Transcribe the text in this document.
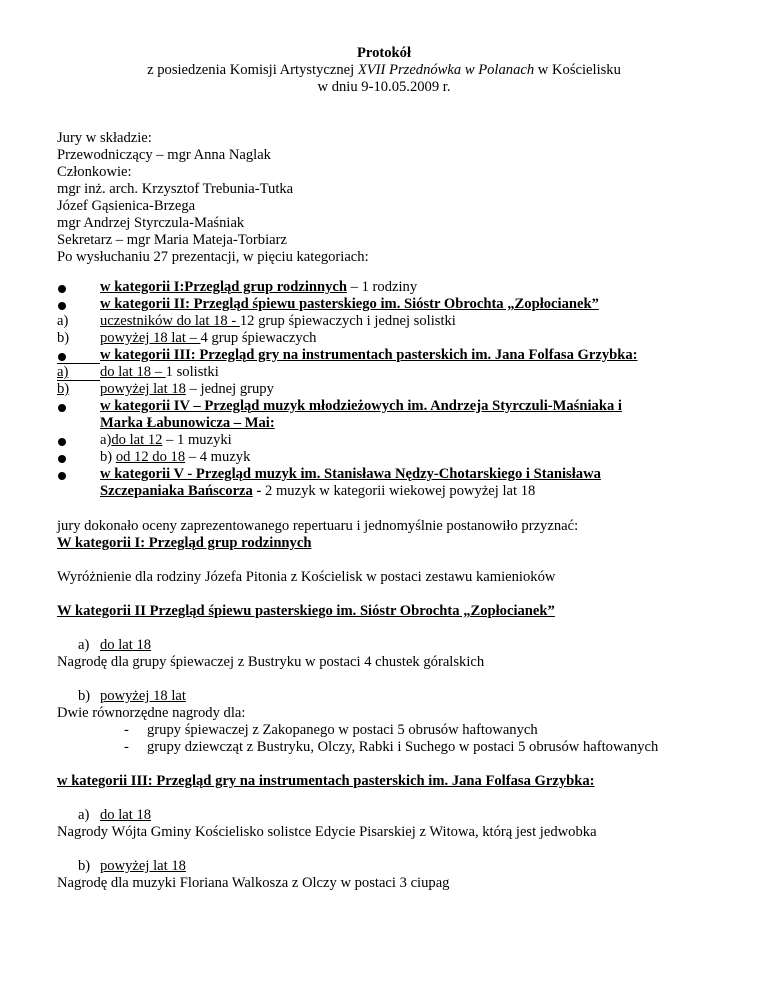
Protokół
z posiedzenia Komisji Artystycznej XVII Przednówka w Polanach w Kościelisku
w dniu 9-10.05.2009 r.
Jury w składzie:
Przewodniczący – mgr Anna Naglak
Członkowie:
mgr inż. arch. Krzysztof Trebunia-Tutka
Józef Gąsienica-Brzega
mgr Andrzej Styrczula-Maśniak
Sekretarz – mgr Maria Mateja-Torbiarz
Po wysłuchaniu 27 prezentacji, w pięciu kategoriach:
w kategorii I:Przegląd grup rodzinnych – 1 rodziny
w kategorii II: Przegląd śpiewu pasterskiego im. Sióstr Obrochta „Zopłocianek”
a) uczestników do lat 18 - 12 grup śpiewaczych i jednej solistki
b) powyżej 18 lat – 4 grup śpiewaczych
w kategorii III: Przegląd gry na instrumentach pasterskich im. Jana Folfasa Grzybka:
a) do lat 18 – 1 solistki
b) powyżej lat 18 – jednej grupy
w kategorii IV – Przegląd muzyk młodzieżowych im. Andrzeja Styrczuli-Maśniaka i
Marka Łabunowicza – Mai:
a)do lat 12 – 1 muzyki
b) od 12 do 18 – 4 muzyk
w kategorii V - Przegląd muzyk im. Stanisława Nędzy-Chotarskiego i Stanisława
Szczepaniaka Bańscorza - 2 muzyk w kategorii wiekowej powyżej lat 18
jury dokonało oceny zaprezentowanego repertuaru i jednomyślnie postanowiło przyznać:
W kategorii I: Przegląd grup rodzinnych
Wyróżnienie dla rodziny Józefa Pitonia z Kościelisk w postaci zestawu kamienioków
W kategorii II Przegląd śpiewu pasterskiego im. Sióstr Obrochta „Zopłocianek”
a) do lat 18
Nagrodę dla grupy śpiewaczej z Bustryku w postaci 4 chustek góralskich
b) powyżej 18 lat
Dwie równorzędne nagrody dla:
- grupy śpiewaczej z Zakopanego w postaci 5 obrusów haftowanych
- grupy dziewcząt z Bustryku, Olczy, Rabki i Suchego w postaci 5 obrusów haftowanych
w kategorii III: Przegląd gry na instrumentach pasterskich im. Jana Folfasa Grzybka:
a) do lat 18
Nagrody Wójta Gminy Kościelisko solistce Edycie Pisarskiej z Witowa, którą jest jedwobka
b) powyżej lat 18
Nagrodę dla muzyki Floriana Walkosza z Olczy w postaci 3 ciupag
